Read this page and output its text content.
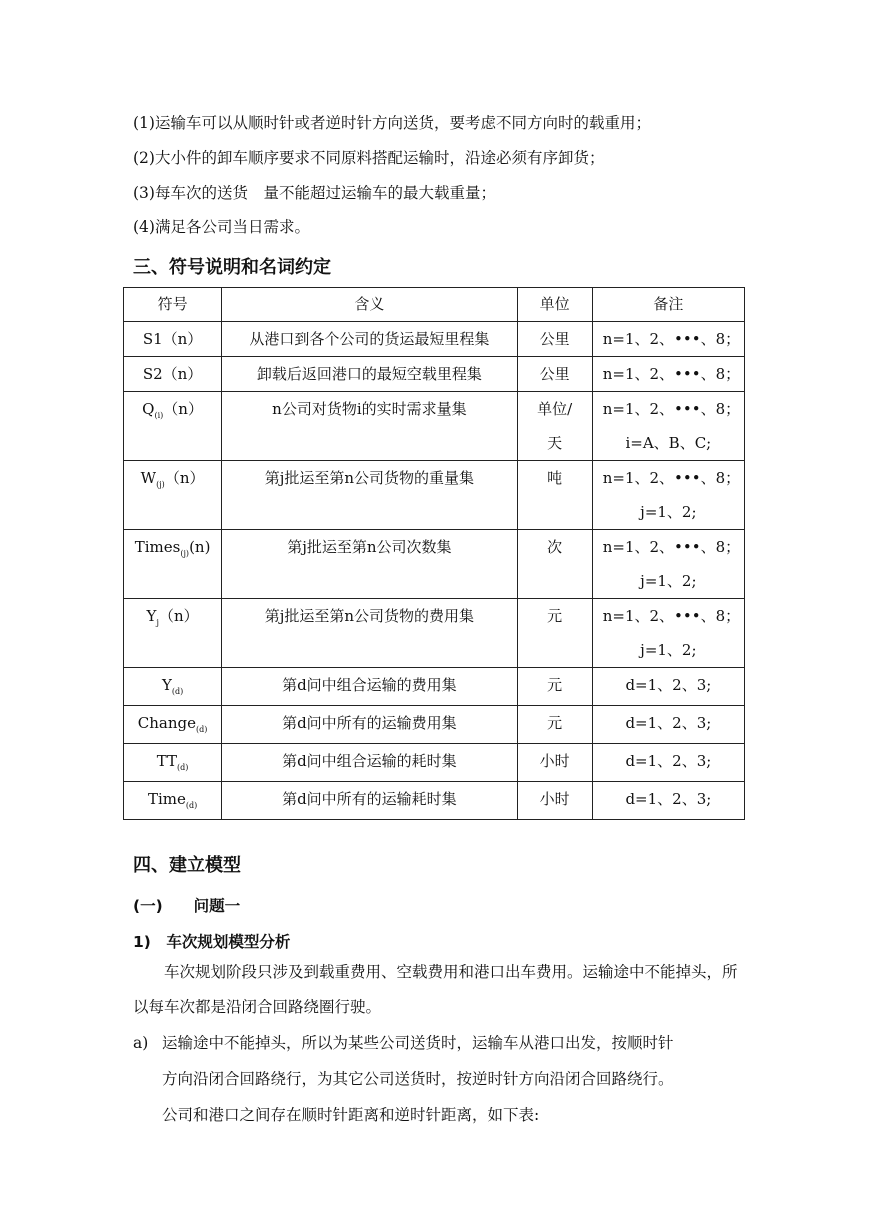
(1)运输车可以从顺时针或者逆时针方向送货，要考虑不同方向时的载重用；
(2)大小件的卸车顺序要求不同原料搭配运输时，沿途必须有序卸货；
(3)每车次的送货　量不能超过运输车的最大载重量；
(4)满足各公司当日需求。
三、符号说明和名词约定
符号	含义	单位	备注
S1（n）	从港口到各个公司的货运最短里程集	公里	n=1、2、•••、8；

S2（n）	卸载后返回港口的最短空载里程集	公里	n=1、2、•••、8；

$Q_{(i)}(n)$	n公司对货物i的实时需求量集	单位/天	n=1、2、•••、8；
i=A、B、C;

$W_{(j)}(n)$	第j批运至第n公司货物的重量集	吨	n=1、2、•••、8；
j=1、2;

Times$_{(j)}$(n)	第j批运至第n公司次数集	次	n=1、2、•••、8；
j=1、2;

$Y_j(n)$	第j批运至第n公司货物的费用集	元	n=1、2、•••、8；
j=1、2;

$Y_{(d)}$	第d问中组合运输的费用集	元	d=1、2、3;

Change$_{(d)}$	第d问中所有的运输费用集	元	d=1、2、3;

$TT_{(d)}$	第d问中组合运输的耗时集	小时	d=1、2、3;

Time$_{(d)}$	第d问中所有的运输耗时集	小时	d=1、2、3;
四、建立模型
(一)　　问题一
1)　车次规划模型分析
车次规划阶段只涉及到载重费用、空载费用和港口出车费用。运输途中不能掉头，所以每车次都是沿闭合回路绕圈行驶。
a) 运输途中不能掉头，所以为某些公司送货时，运输车从港口出发，按顺时针
方向沿闭合回路绕行，为其它公司送货时，按逆时针方向沿闭合回路绕行。
公司和港口之间存在顺时针距离和逆时针距离，如下表:
